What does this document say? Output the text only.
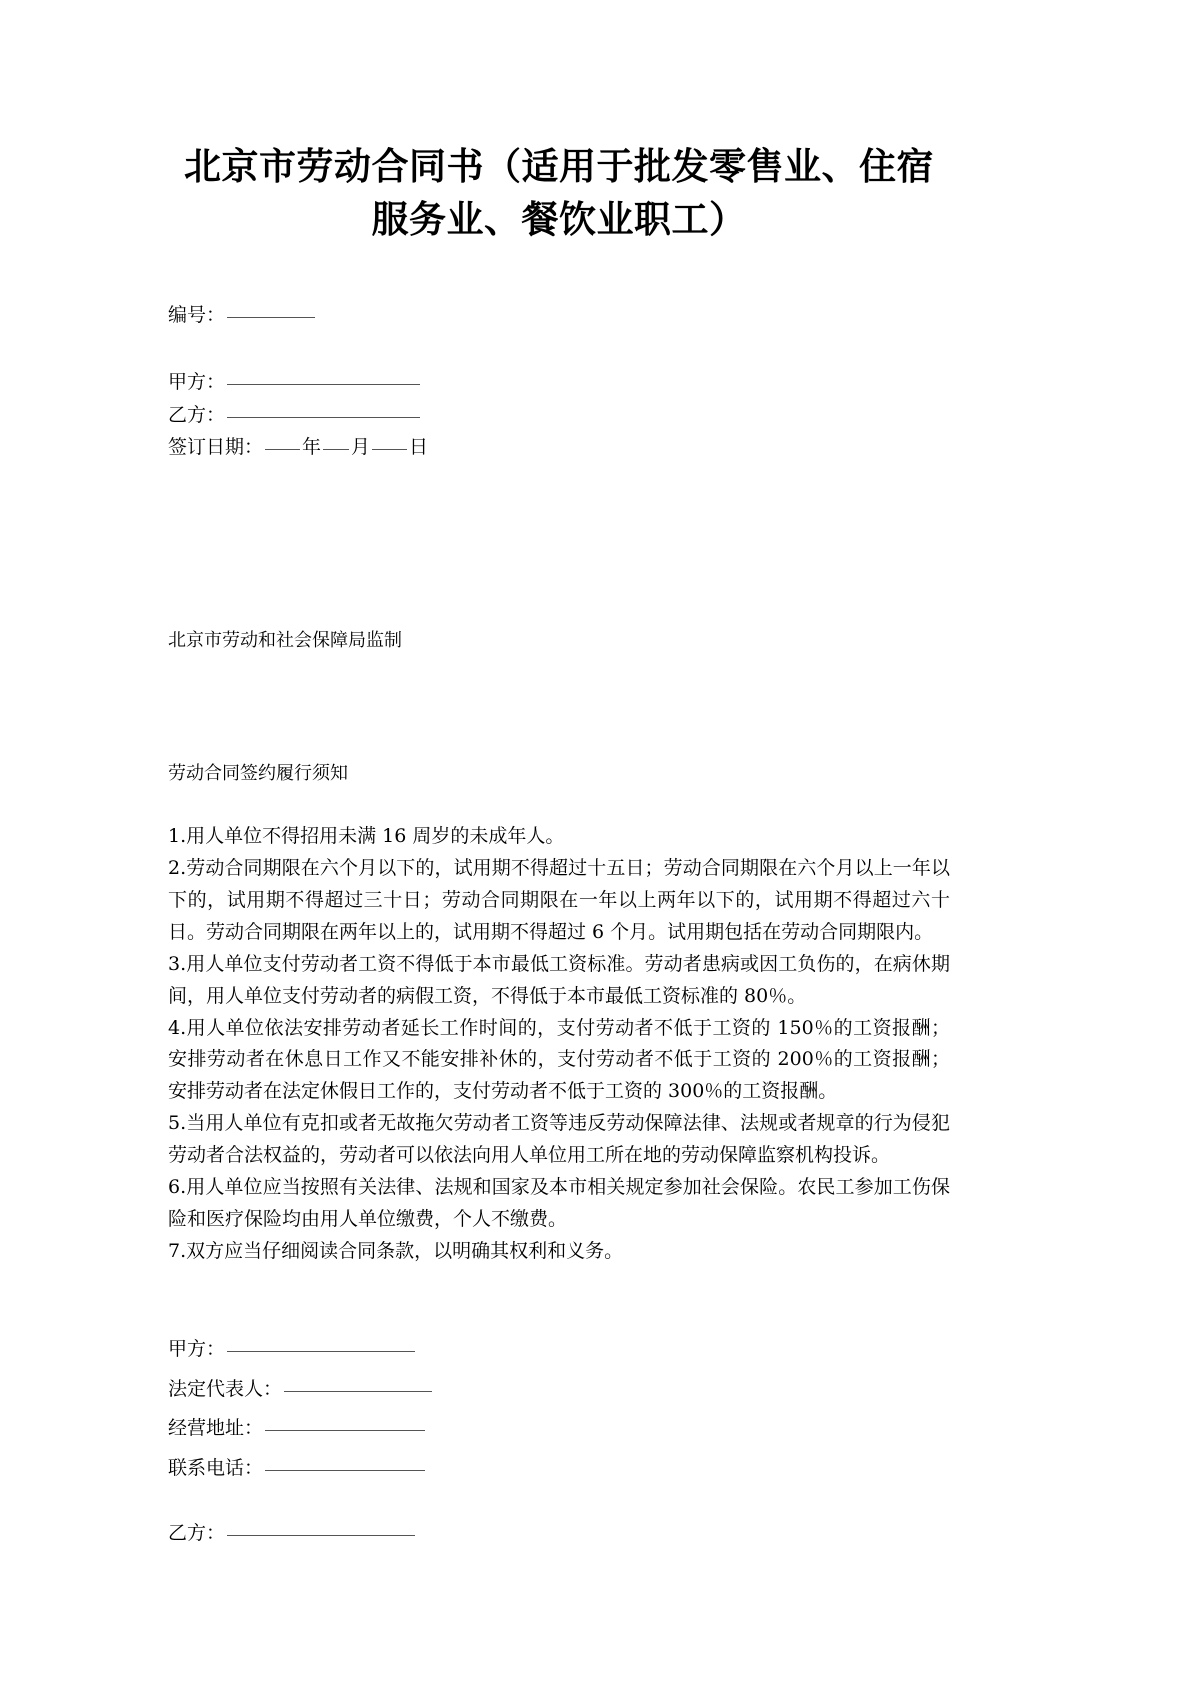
北京市劳动合同书（适用于批发零售业、住宿服务业、餐饮业职工）
编号：
甲方：
乙方：
签订日期： 年 月 日
北京市劳动和社会保障局监制
劳动合同签约履行须知

1.用人单位不得招用未满 16 周岁的未成年人。

2.劳动合同期限在六个月以下的，试用期不得超过十五日；劳动合同期限在六个月以上一年以下的，试用期不得超过三十日；劳动合同期限在一年以上两年以下的，试用期不得超过六十日。劳动合同期限在两年以上的，试用期不得超过 6 个月。试用期包括在劳动合同期限内。

3.用人单位支付劳动者工资不得低于本市最低工资标准。劳动者患病或因工负伤的，在病休期间，用人单位支付劳动者的病假工资，不得低于本市最低工资标准的 80％。

4.用人单位依法安排劳动者延长工作时间的，支付劳动者不低于工资的 150％的工资报酬；安排劳动者在休息日工作又不能安排补休的，支付劳动者不低于工资的 200％的工资报酬；安排劳动者在法定休假日工作的，支付劳动者不低于工资的 300％的工资报酬。

5.当用人单位有克扣或者无故拖欠劳动者工资等违反劳动保障法律、法规或者规章的行为侵犯劳动者合法权益的，劳动者可以依法向用人单位用工所在地的劳动保障监察机构投诉。

6.用人单位应当按照有关法律、法规和国家及本市相关规定参加社会保险。农民工参加工伤保险和医疗保险均由用人单位缴费，个人不缴费。

7.双方应当仔细阅读合同条款，以明确其权利和义务。

甲方：
法定代表人：
经营地址：
联系电话：
乙方：
